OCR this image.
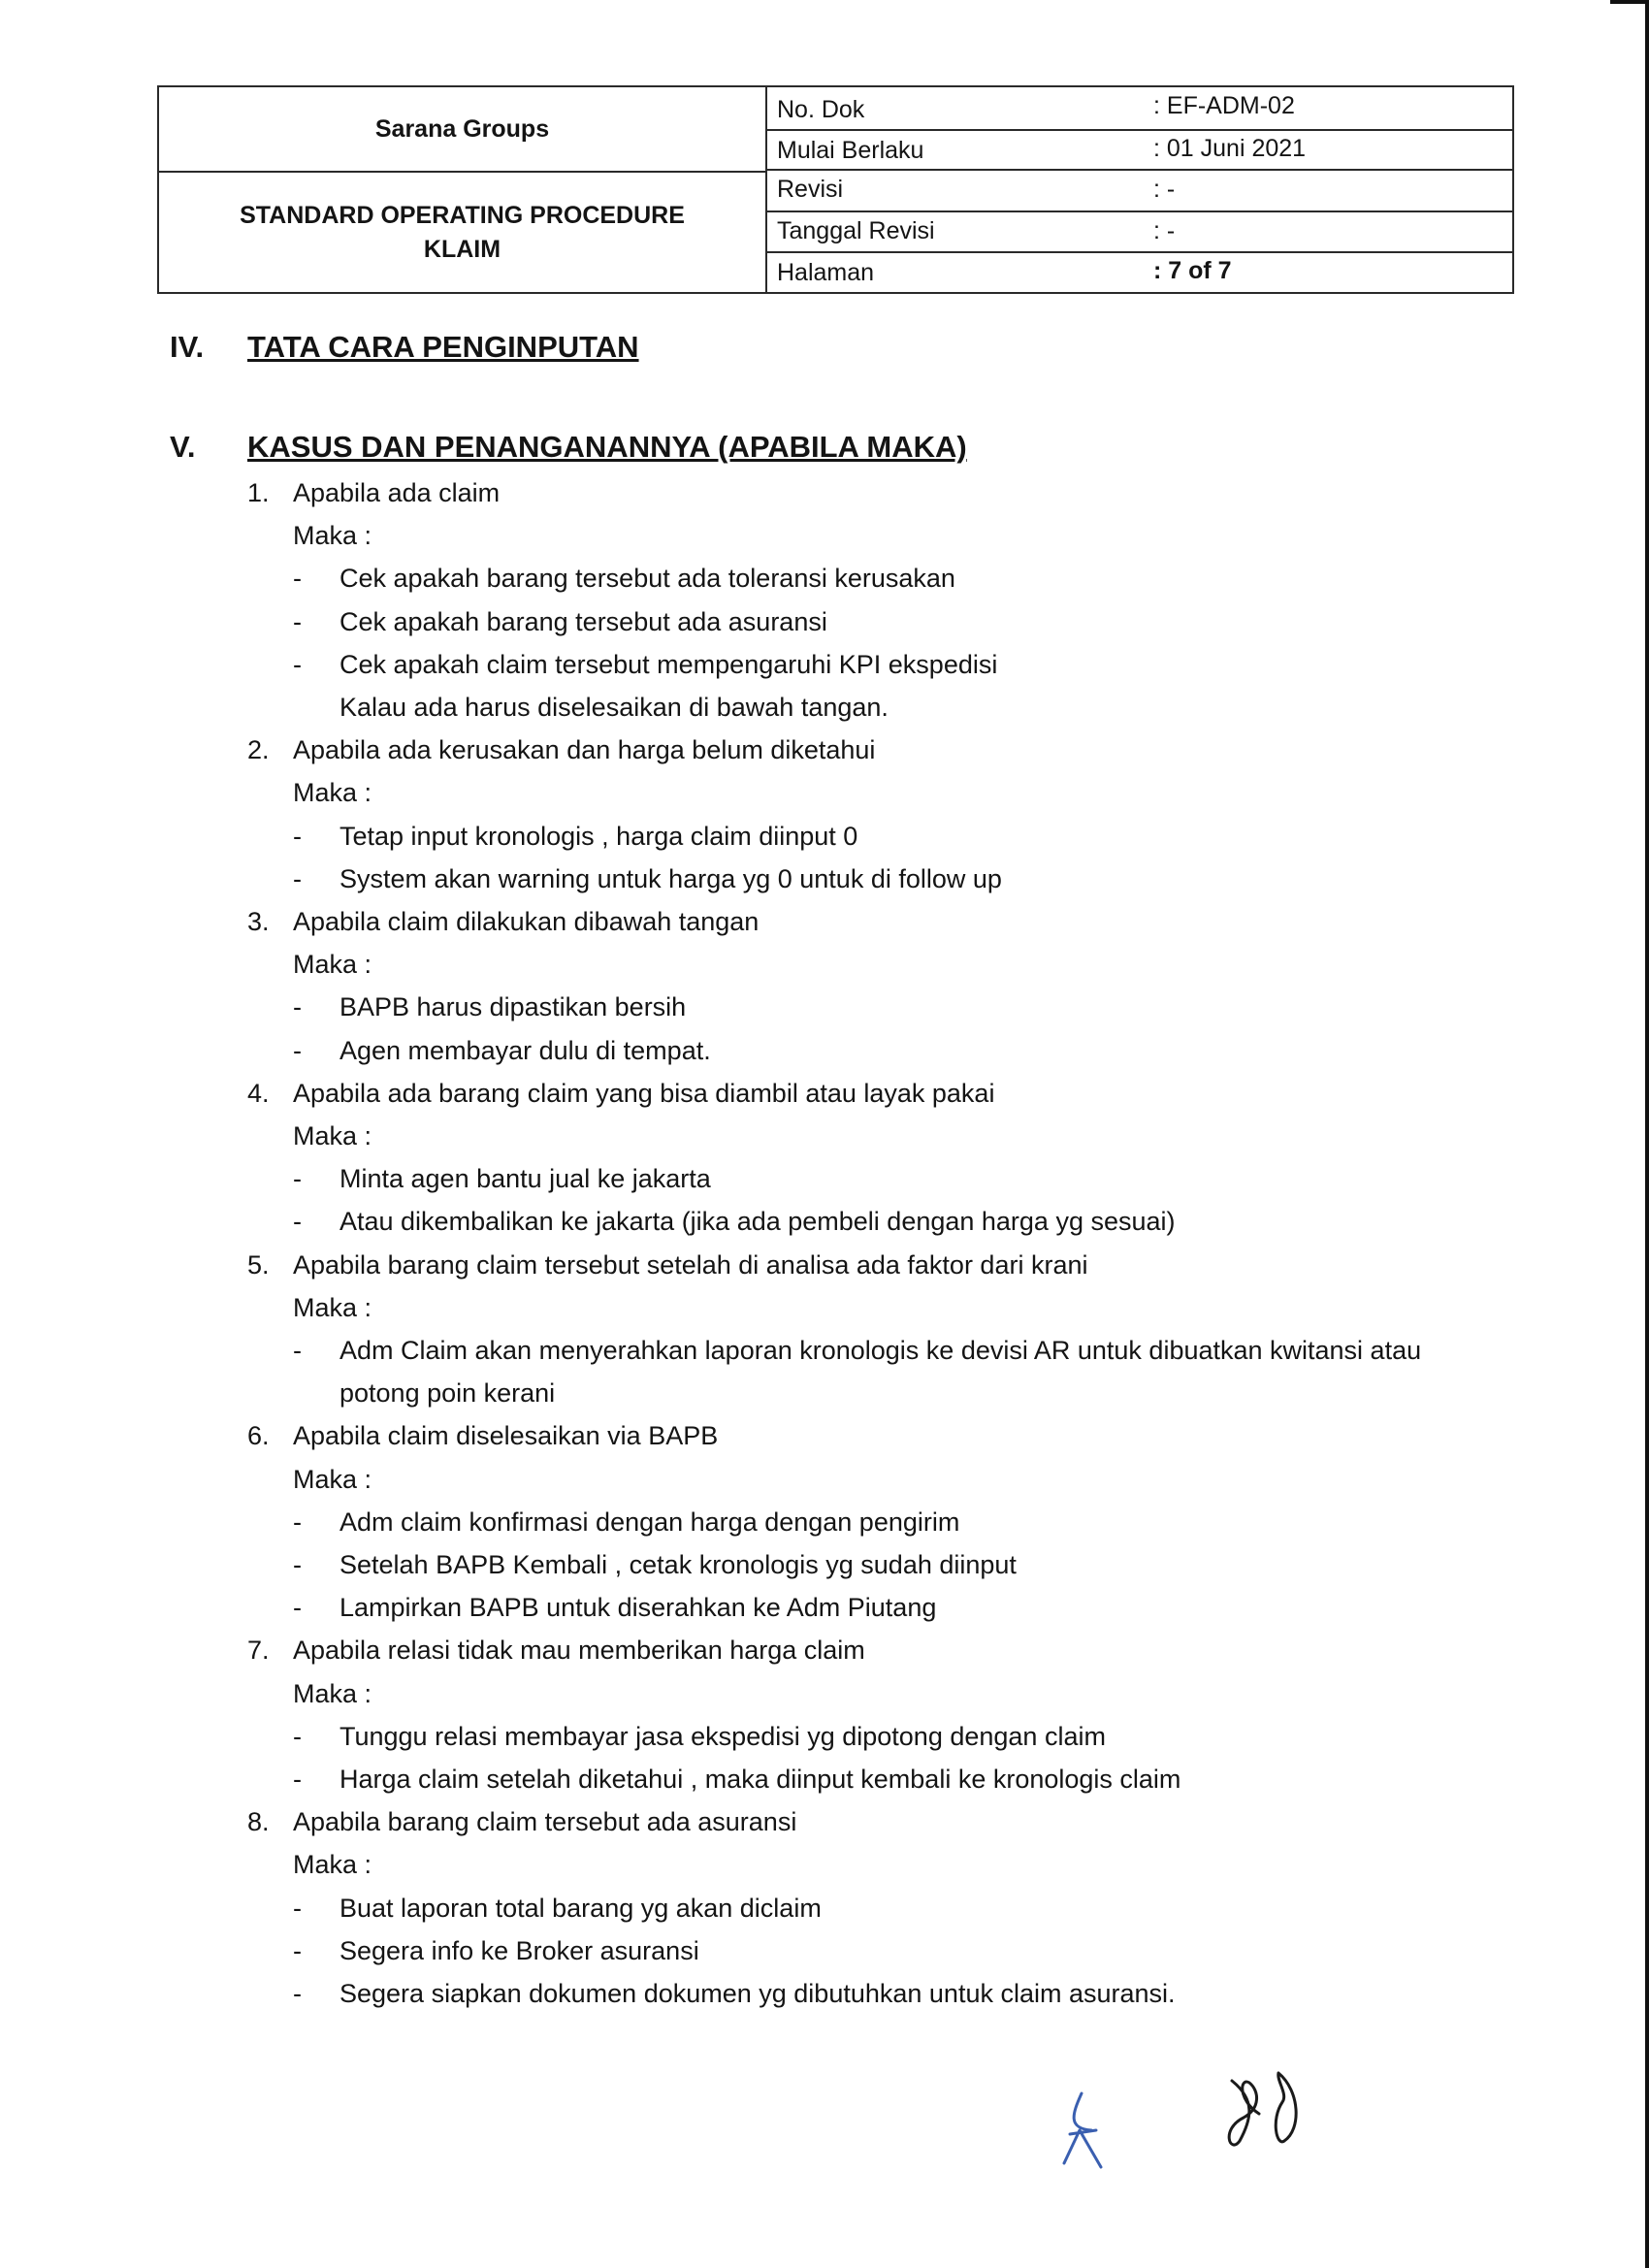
Sarana Groups
STANDARD OPERATING PROCEDURE
KLAIM
No. Dok	: EF-ADM-02
Mulai Berlaku	: 01 Juni 2021
Revisi	: -
Tanggal Revisi	: -
Halaman	: 7 of 7
IV. TATA CARA PENGINPUTAN
V. KASUS DAN PENANGANANNYA (APABILA MAKA)
1. Apabila ada claim
Maka :
- Cek apakah barang tersebut ada toleransi kerusakan
- Cek apakah barang tersebut ada asuransi
- Cek apakah claim tersebut mempengaruhi KPI ekspedisi
Kalau ada harus diselesaikan di bawah tangan.
2. Apabila ada kerusakan dan harga belum diketahui
Maka :
- Tetap input kronologis , harga claim diinput 0
- System akan warning untuk harga yg 0 untuk di follow up
3. Apabila claim dilakukan dibawah tangan
Maka :
- BAPB harus dipastikan bersih
- Agen membayar dulu di tempat.
4. Apabila ada barang claim yang bisa diambil atau layak pakai
Maka :
- Minta agen bantu jual ke jakarta
- Atau dikembalikan ke jakarta (jika ada pembeli dengan harga yg sesuai)
5. Apabila barang claim tersebut setelah di analisa ada faktor dari krani
Maka :
- Adm Claim akan menyerahkan laporan kronologis ke devisi AR untuk dibuatkan kwitansi atau
potong poin kerani
6. Apabila claim diselesaikan via BAPB
Maka :
- Adm claim konfirmasi dengan harga dengan pengirim
- Setelah BAPB Kembali , cetak kronologis yg sudah diinput
- Lampirkan BAPB untuk diserahkan ke Adm Piutang
7. Apabila relasi tidak mau memberikan harga claim
Maka :
- Tunggu relasi membayar jasa ekspedisi yg dipotong dengan claim
- Harga claim setelah diketahui , maka diinput kembali ke kronologis claim
8. Apabila barang claim tersebut ada asuransi
Maka :
- Buat laporan total barang yg akan diclaim
- Segera info ke Broker asuransi
- Segera siapkan dokumen dokumen yg dibutuhkan untuk claim asuransi.
